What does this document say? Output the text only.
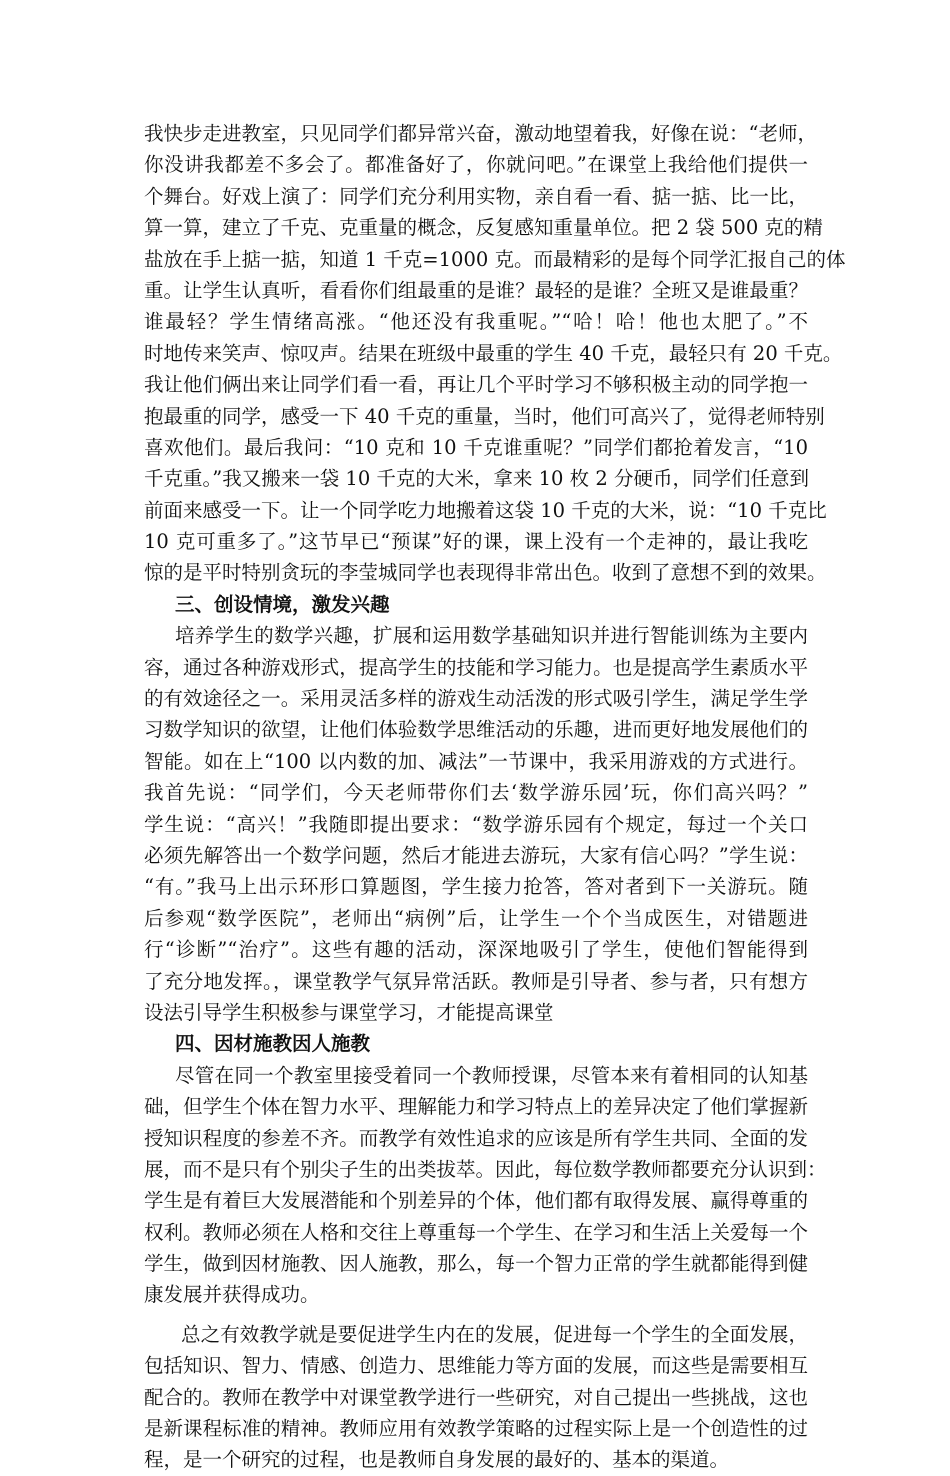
我快步走进教室，只见同学们都异常兴奋，激动地望着我，好像在说：“老师，
你没讲我都差不多会了。都准备好了，你就问吧。”在课堂上我给他们提供一
个舞台。好戏上演了：同学们充分利用实物，亲自看一看、掂一掂、比一比，
算一算，建立了千克、克重量的概念，反复感知重量单位。把 2 袋 500 克的精
盐放在手上掂一掂，知道 1 千克=1000 克。而最精彩的是每个同学汇报自己的体
重。让学生认真听，看看你们组最重的是谁？最轻的是谁？全班又是谁最重？
谁最轻？学生情绪高涨。“他还没有我重呢。”“哈！哈！他也太肥了。”不
时地传来笑声、惊叹声。结果在班级中最重的学生 40 千克，最轻只有 20 千克。
我让他们俩出来让同学们看一看，再让几个平时学习不够积极主动的同学抱一
抱最重的同学，感受一下 40 千克的重量，当时，他们可高兴了，觉得老师特别
喜欢他们。最后我问：“10 克和 10 千克谁重呢？”同学们都抢着发言，“10
千克重。”我又搬来一袋 10 千克的大米，拿来 10 枚 2 分硬币，同学们任意到
前面来感受一下。让一个同学吃力地搬着这袋 10 千克的大米，说：“10 千克比
10 克可重多了。”这节早已“预谋”好的课，课上没有一个走神的，最让我吃
惊的是平时特别贪玩的李莹城同学也表现得非常出色。收到了意想不到的效果。
三、创设情境，激发兴趣
培养学生的数学兴趣，扩展和运用数学基础知识并进行智能训练为主要内
容，通过各种游戏形式，提高学生的技能和学习能力。也是提高学生素质水平
的有效途径之一。采用灵活多样的游戏生动活泼的形式吸引学生，满足学生学
习数学知识的欲望，让他们体验数学思维活动的乐趣，进而更好地发展他们的
智能。如在上“100 以内数的加、减法”一节课中，我采用游戏的方式进行。
我首先说：“同学们，今天老师带你们去‘数学游乐园’玩，你们高兴吗？”
学生说：“高兴！”我随即提出要求：“数学游乐园有个规定，每过一个关口
必须先解答出一个数学问题，然后才能进去游玩，大家有信心吗？”学生说：
“有。”我马上出示环形口算题图，学生接力抢答，答对者到下一关游玩。随
后参观“数学医院”，老师出“病例”后，让学生一个个当成医生，对错题进
行“诊断”“治疗”。这些有趣的活动，深深地吸引了学生，使他们智能得到
了充分地发挥。，课堂教学气氛异常活跃。教师是引导者、参与者，只有想方
设法引导学生积极参与课堂学习，才能提高课堂
四、因材施教因人施教
尽管在同一个教室里接受着同一个教师授课，尽管本来有着相同的认知基
础，但学生个体在智力水平、理解能力和学习特点上的差异决定了他们掌握新
授知识程度的参差不齐。而教学有效性追求的应该是所有学生共同、全面的发
展，而不是只有个别尖子生的出类拔萃。因此，每位数学教师都要充分认识到：
学生是有着巨大发展潜能和个别差异的个体，他们都有取得发展、赢得尊重的
权利。教师必须在人格和交往上尊重每一个学生、在学习和生活上关爱每一个
学生，做到因材施教、因人施教，那么，每一个智力正常的学生就都能得到健
康发展并获得成功。
总之有效教学就是要促进学生内在的发展，促进每一个学生的全面发展，
包括知识、智力、情感、创造力、思维能力等方面的发展，而这些是需要相互
配合的。教师在教学中对课堂教学进行一些研究，对自己提出一些挑战，这也
是新课程标准的精神。教师应用有效教学策略的过程实际上是一个创造性的过
程，是一个研究的过程，也是教师自身发展的最好的、基本的渠道。
